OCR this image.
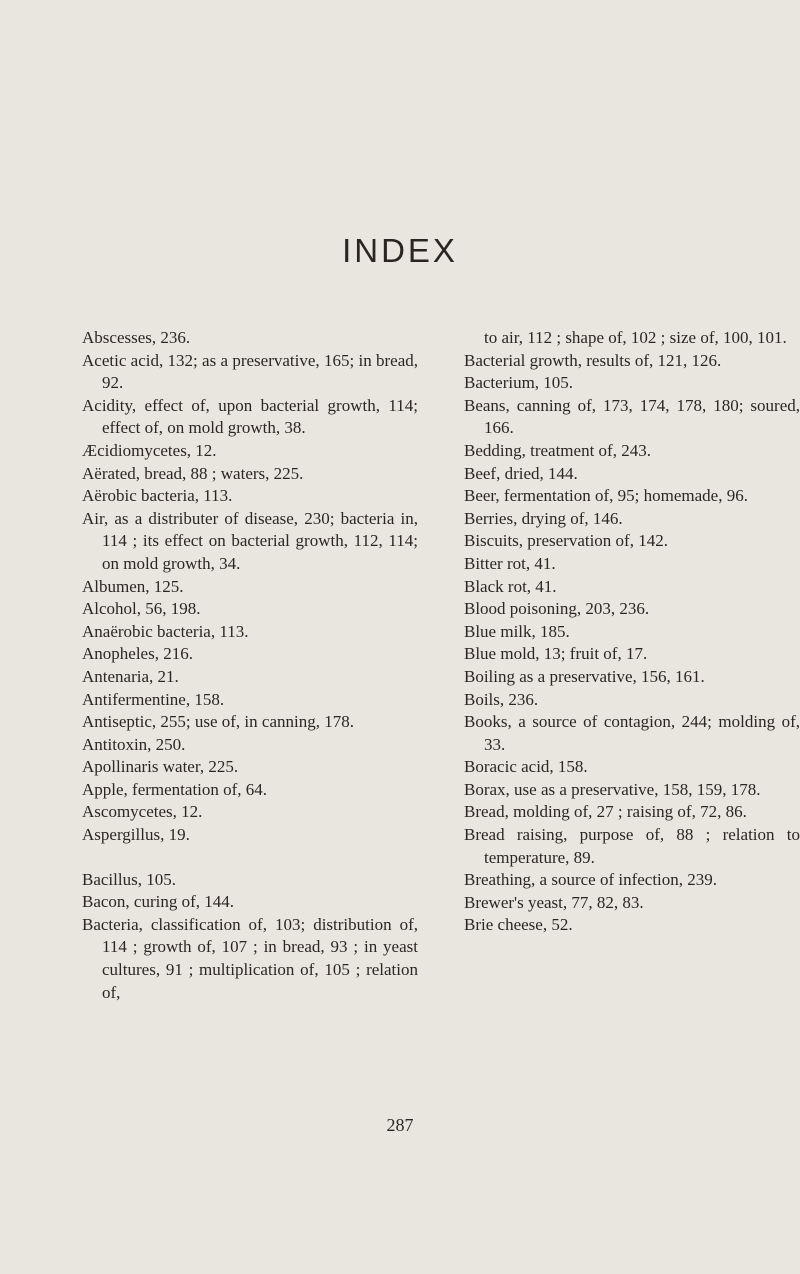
INDEX

Abscesses, 236.

Acetic acid, 132; as a preservative, 165; in bread, 92.

Acidity, effect of, upon bacterial growth, 114; effect of, on mold growth, 38.

Æcidiomycetes, 12.

Aërated, bread, 88 ; waters, 225.

Aërobic bacteria, 113.

Air, as a distributer of disease, 230; bacteria in, 114 ; its effect on bacterial growth, 112, 114; on mold growth, 34.

Albumen, 125.

Alcohol, 56, 198.

Anaërobic bacteria, 113.

Anopheles, 216.

Antenaria, 21.

Antifermentine, 158.

Antiseptic, 255; use of, in canning, 178.

Antitoxin, 250.

Apollinaris water, 225.

Apple, fermentation of, 64.

Ascomycetes, 12.

Aspergillus, 19.

Bacillus, 105.

Bacon, curing of, 144.

Bacteria, classification of, 103; distribution of, 114 ; growth of, 107 ; in bread, 93 ; in yeast cultures, 91 ; multiplication of, 105 ; relation of,

to air, 112 ; shape of, 102 ; size of, 100, 101.

Bacterial growth, results of, 121, 126.

Bacterium, 105.

Beans, canning of, 173, 174, 178, 180; soured, 166.

Bedding, treatment of, 243.

Beef, dried, 144.

Beer, fermentation of, 95; homemade, 96.

Berries, drying of, 146.

Biscuits, preservation of, 142.

Bitter rot, 41.

Black rot, 41.

Blood poisoning, 203, 236.

Blue milk, 185.

Blue mold, 13; fruit of, 17.

Boiling as a preservative, 156, 161.

Boils, 236.

Books, a source of contagion, 244; molding of, 33.

Boracic acid, 158.

Borax, use as a preservative, 158, 159, 178.

Bread, molding of, 27 ; raising of, 72, 86.

Bread raising, purpose of, 88 ; relation to temperature, 89.

Breathing, a source of infection, 239.

Brewer's yeast, 77, 82, 83.

Brie cheese, 52.

287
